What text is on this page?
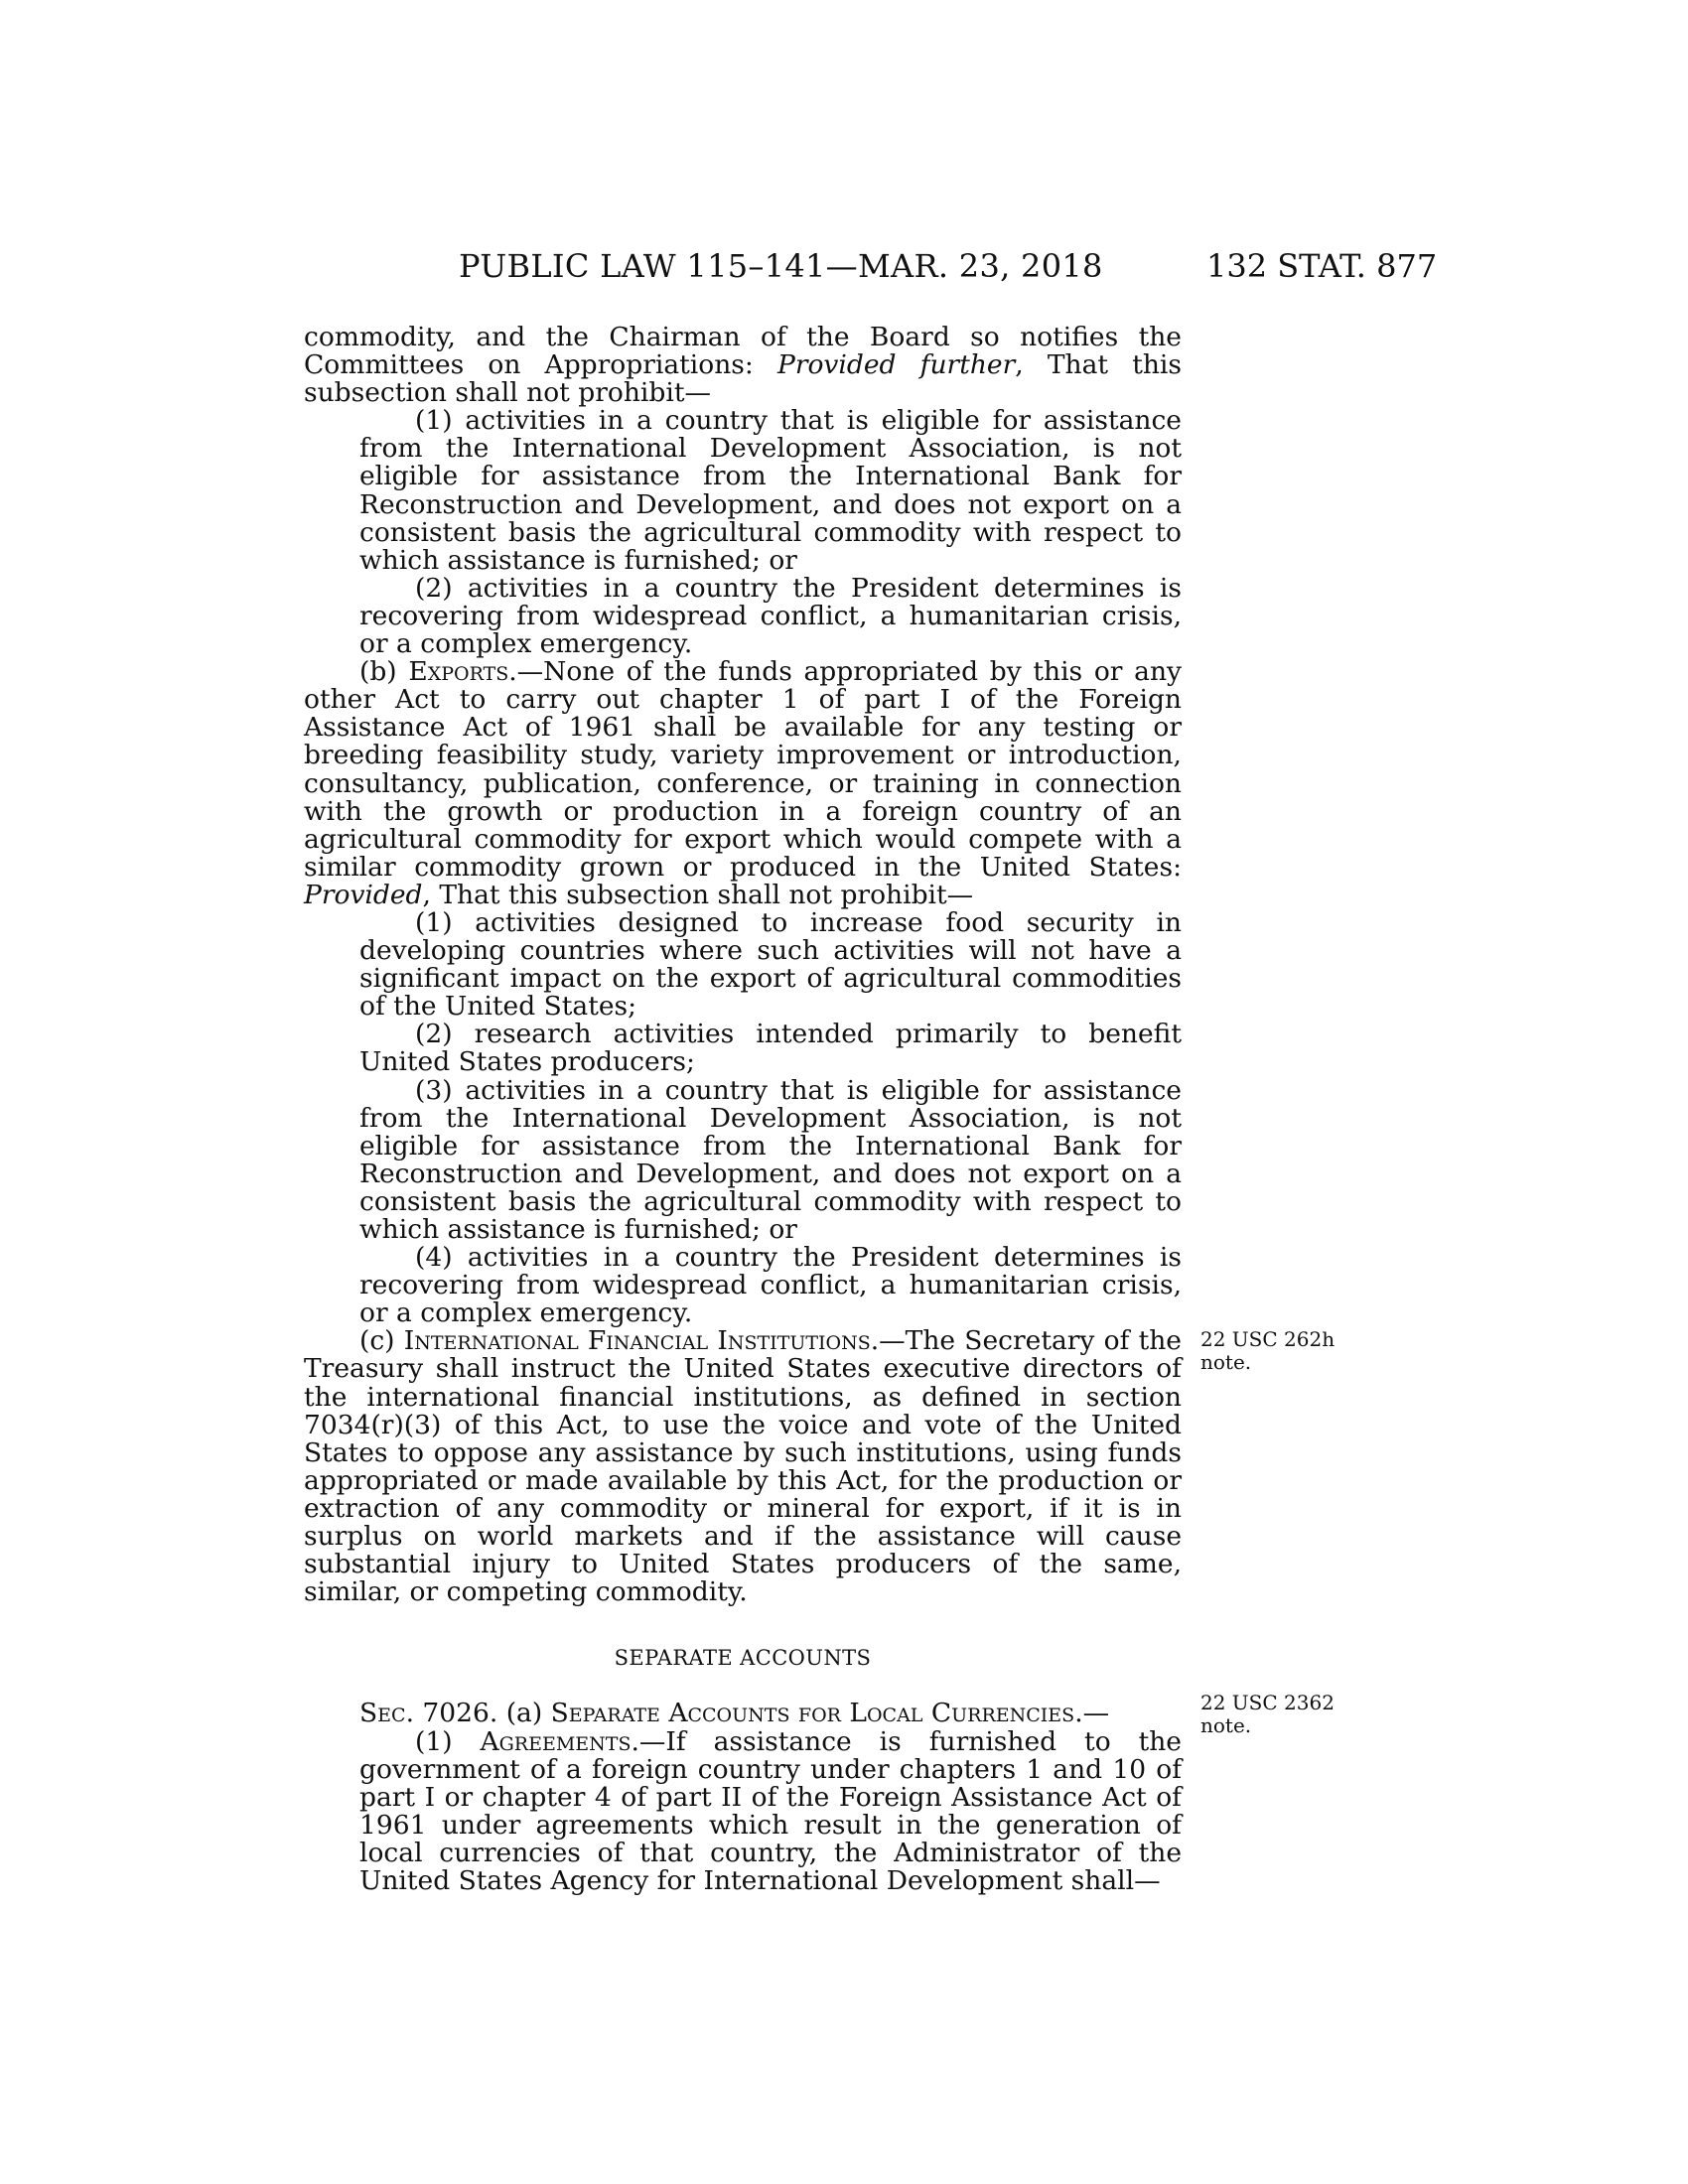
PUBLIC LAW 115–141—MAR. 23, 2018	132 STAT. 877

commodity, and the Chairman of the Board so notifies the Committees on Appropriations: Provided further, That this subsection shall not prohibit—

(1) activities in a country that is eligible for assistance from the International Development Association, is not eligible for assistance from the International Bank for Reconstruction and Development, and does not export on a consistent basis the agricultural commodity with respect to which assistance is furnished; or

(2) activities in a country the President determines is recovering from widespread conflict, a humanitarian crisis, or a complex emergency.

(b) Exports.—None of the funds appropriated by this or any other Act to carry out chapter 1 of part I of the Foreign Assistance Act of 1961 shall be available for any testing or breeding feasibility study, variety improvement or introduction, consultancy, publication, conference, or training in connection with the growth or production in a foreign country of an agricultural commodity for export which would compete with a similar commodity grown or produced in the United States: Provided, That this subsection shall not prohibit—

(1) activities designed to increase food security in developing countries where such activities will not have a significant impact on the export of agricultural commodities of the United States;

(2) research activities intended primarily to benefit United States producers;

(3) activities in a country that is eligible for assistance from the International Development Association, is not eligible for assistance from the International Bank for Reconstruction and Development, and does not export on a consistent basis the agricultural commodity with respect to which assistance is furnished; or

(4) activities in a country the President determines is recovering from widespread conflict, a humanitarian crisis, or a complex emergency.

(c) International Financial Institutions.—The Secretary of the Treasury shall instruct the United States executive directors of the international financial institutions, as defined in section 7034(r)(3) of this Act, to use the voice and vote of the United States to oppose any assistance by such institutions, using funds appropriated or made available by this Act, for the production or extraction of any commodity or mineral for export, if it is in surplus on world markets and if the assistance will cause substantial injury to United States producers of the same, similar, or competing commodity.

SEPARATE ACCOUNTS

Sec. 7026. (a) Separate Accounts for Local Currencies.—

(1) Agreements.—If assistance is furnished to the government of a foreign country under chapters 1 and 10 of part I or chapter 4 of part II of the Foreign Assistance Act of 1961 under agreements which result in the generation of local currencies of that country, the Administrator of the United States Agency for International Development shall—

22 USC 262h
note.
22 USC 2362
note.
